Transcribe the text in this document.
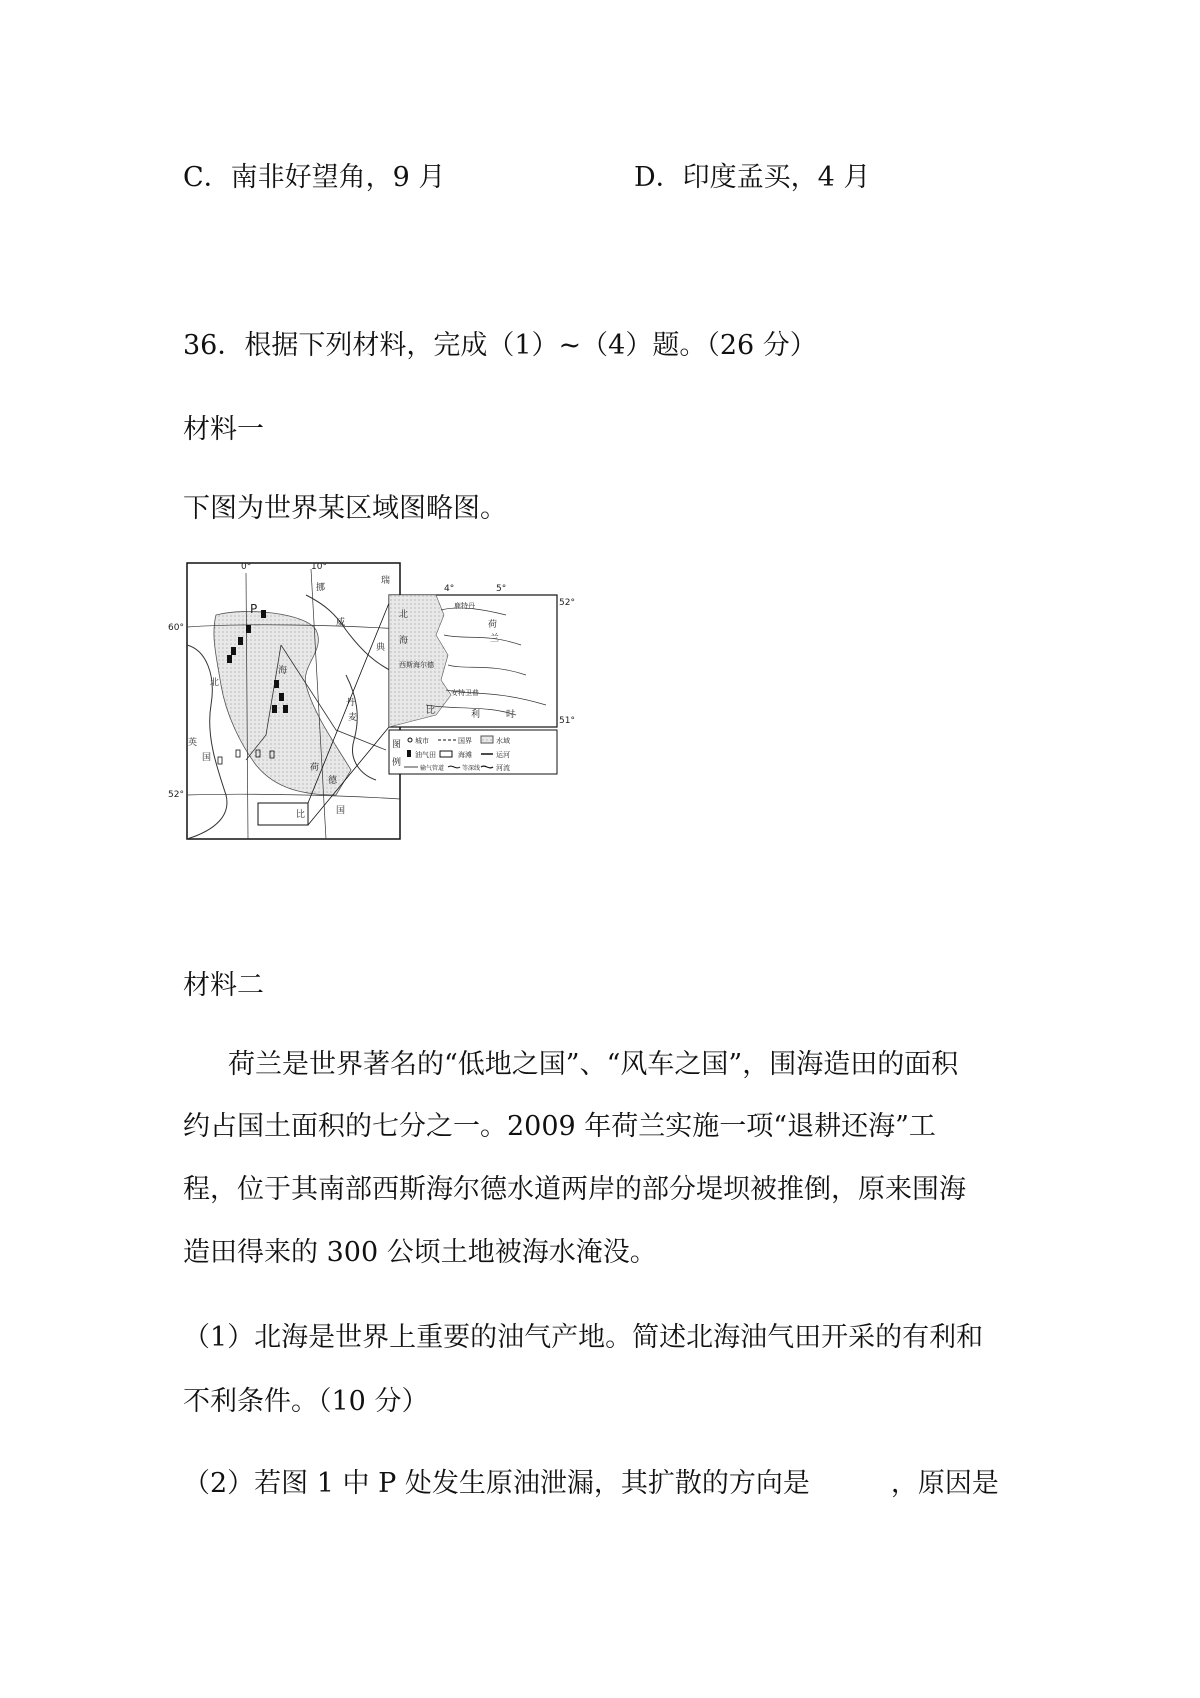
C．南非好望角，9 月	D．印度孟买，4 月
36．根据下列材料，完成（1）~（4）题。（26 分）
材料一
下图为世界某区域图略图。
0°	10°
60°
52°
P
北
海
英
国
挪
威
瑞
典
丹
麦
荷
德
国
比
4°	5°
52°
51°
北
海
鹿特丹
荷
兰
西斯海尔德
安特卫普
比	利	时
图
例
城市	国界	水域
油气田	海滩	运河
输气管道	等深线 河流
材料二
荷兰是世界著名的“低地之国”、“风车之国”，围海造田的面积
约占国土面积的七分之一。2009 年荷兰实施一项“退耕还海”工
程，位于其南部西斯海尔德水道两岸的部分堤坝被推倒，原来围海
造田得来的 300 公顷土地被海水淹没。
（1）北海是世界上重要的油气产地。简述北海油气田开采的有利和
不利条件。（10 分）
（2）若图 1 中 P 处发生原油泄漏，其扩散的方向是　　　，原因是
